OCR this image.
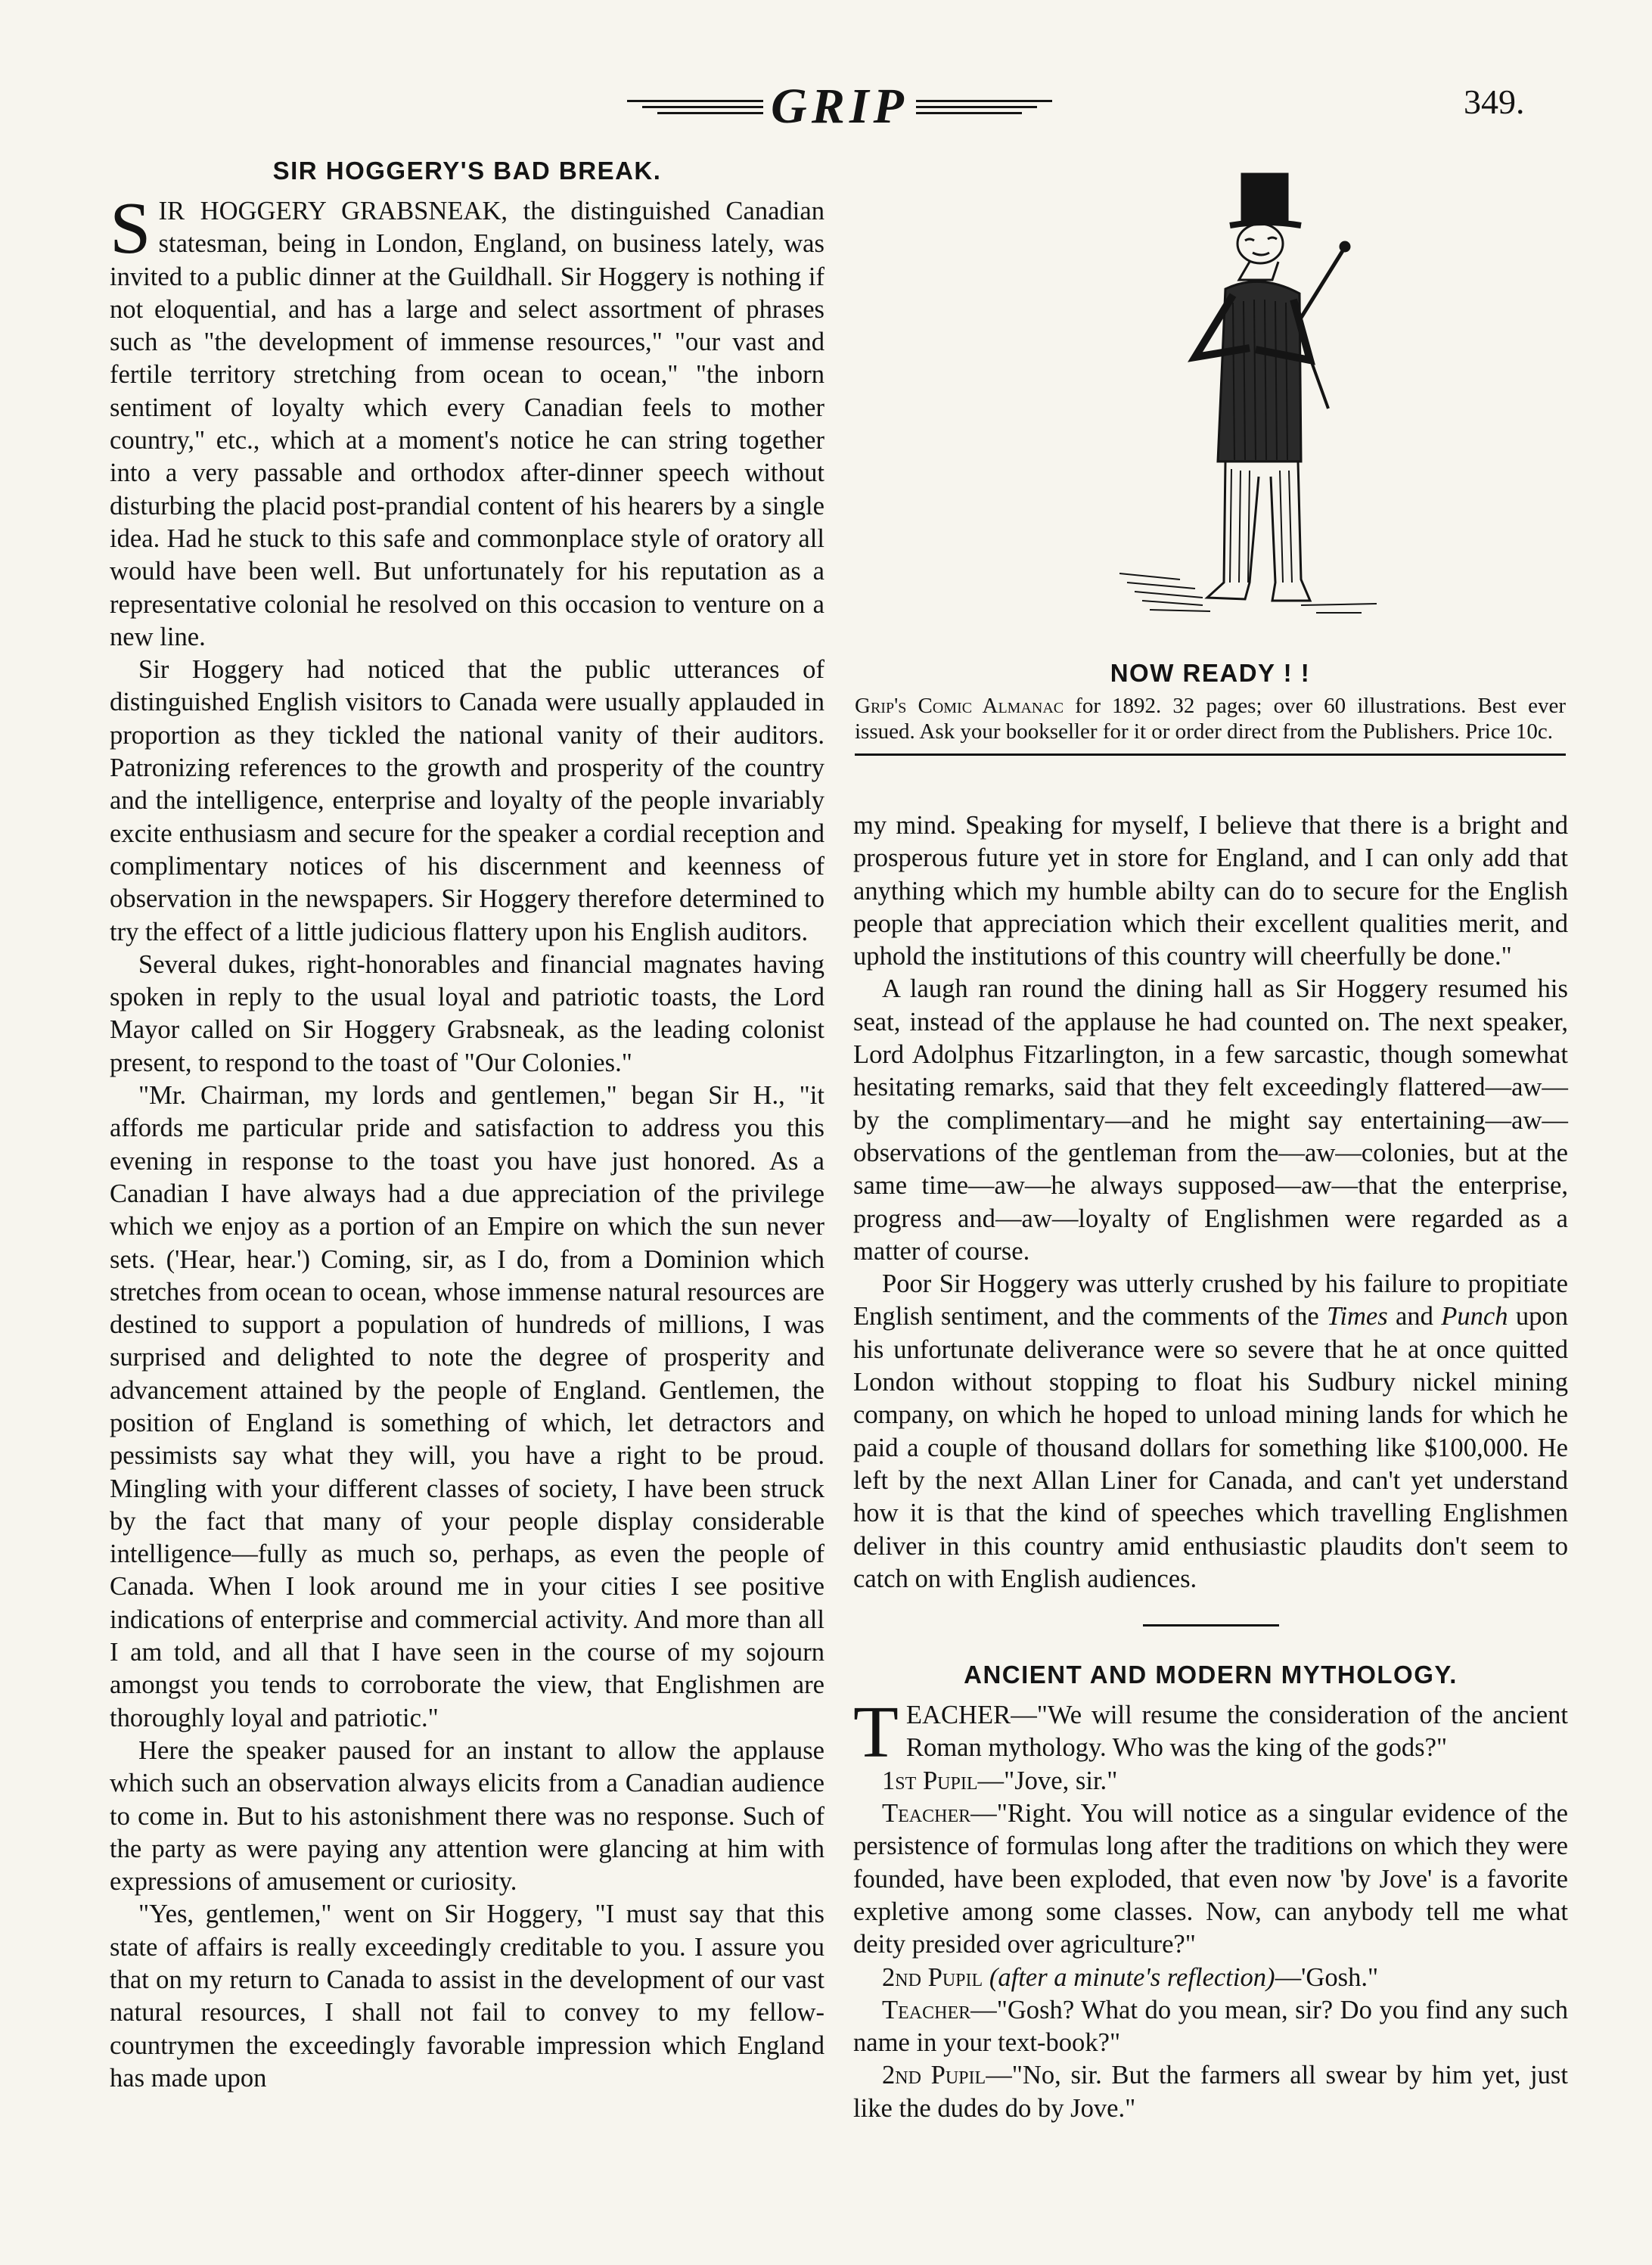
GRIP	349.
SIR HOGGERY'S BAD BREAK.

SIR HOGGERY GRABSNEAK, the distinguished Canadian statesman, being in London, England, on business lately, was invited to a public dinner at the Guildhall. Sir Hoggery is nothing if not eloquential, and has a large and select assortment of phrases such as "the development of immense resources," "our vast and fertile territory stretching from ocean to ocean," "the inborn sentiment of loyalty which every Canadian feels to mother country," etc., which at a moment's notice he can string together into a very passable and orthodox after-dinner speech without disturbing the placid post-prandial content of his hearers by a single idea. Had he stuck to this safe and commonplace style of oratory all would have been well. But unfortunately for his reputation as a representative colonial he resolved on this occasion to venture on a new line.

Sir Hoggery had noticed that the public utterances of distinguished English visitors to Canada were usually applauded in proportion as they tickled the national vanity of their auditors. Patronizing references to the growth and prosperity of the country and the intelligence, enterprise and loyalty of the people invariably excite enthusiasm and secure for the speaker a cordial reception and complimentary notices of his discernment and keenness of observation in the newspapers. Sir Hoggery therefore determined to try the effect of a little judicious flattery upon his English auditors.

Several dukes, right-honorables and financial magnates having spoken in reply to the usual loyal and patriotic toasts, the Lord Mayor called on Sir Hoggery Grabsneak, as the leading colonist present, to respond to the toast of "Our Colonies."

"Mr. Chairman, my lords and gentlemen," began Sir H., "it affords me particular pride and satisfaction to address you this evening in response to the toast you have just honored. As a Canadian I have always had a due appreciation of the privilege which we enjoy as a portion of an Empire on which the sun never sets. ('Hear, hear.') Coming, sir, as I do, from a Dominion which stretches from ocean to ocean, whose immense natural resources are destined to support a population of hundreds of millions, I was surprised and delighted to note the degree of prosperity and advancement attained by the people of England. Gentlemen, the position of England is something of which, let detractors and pessimists say what they will, you have a right to be proud. Mingling with your different classes of society, I have been struck by the fact that many of your people display considerable intelligence—fully as much so, perhaps, as even the people of Canada. When I look around me in your cities I see positive indications of enterprise and commercial activity. And more than all I am told, and all that I have seen in the course of my sojourn amongst you tends to corroborate the view, that Englishmen are thoroughly loyal and patriotic."

Here the speaker paused for an instant to allow the applause which such an observation always elicits from a Canadian audience to come in. But to his astonishment there was no response. Such of the party as were paying any attention were glancing at him with expressions of amusement or curiosity.

"Yes, gentlemen," went on Sir Hoggery, "I must say that this state of affairs is really exceedingly creditable to you. I assure you that on my return to Canada to assist in the development of our vast natural resources, I shall not fail to convey to my fellow-countrymen the exceedingly favorable impression which England has made upon

NOW READY ! !

Grip's Comic Almanac for 1892. 32 pages; over 60 illustrations. Best ever issued. Ask your bookseller for it or order direct from the Publishers. Price 10c.

my mind. Speaking for myself, I believe that there is a bright and prosperous future yet in store for England, and I can only add that anything which my humble abilty can do to secure for the English people that appreciation which their excellent qualities merit, and uphold the institutions of this country will cheerfully be done."

A laugh ran round the dining hall as Sir Hoggery resumed his seat, instead of the applause he had counted on. The next speaker, Lord Adolphus Fitzarlington, in a few sarcastic, though somewhat hesitating remarks, said that they felt exceedingly flattered—aw—by the complimentary—and he might say entertaining—aw—observations of the gentleman from the—aw—colonies, but at the same time—aw—he always supposed—aw—that the enterprise, progress and—aw—loyalty of Englishmen were regarded as a matter of course.

Poor Sir Hoggery was utterly crushed by his failure to propitiate English sentiment, and the comments of the Times and Punch upon his unfortunate deliverance were so severe that he at once quitted London without stopping to float his Sudbury nickel mining company, on which he hoped to unload mining lands for which he paid a couple of thousand dollars for something like $100,000. He left by the next Allan Liner for Canada, and can't yet understand how it is that the kind of speeches which travelling Englishmen deliver in this country amid enthusiastic plaudits don't seem to catch on with English audiences.

ANCIENT AND MODERN MYTHOLOGY.

TEACHER—"We will resume the consideration of the ancient Roman mythology. Who was the king of the gods?"

1st Pupil—"Jove, sir."

Teacher—"Right. You will notice as a singular evidence of the persistence of formulas long after the traditions on which they were founded, have been exploded, that even now 'by Jove' is a favorite expletive among some classes. Now, can anybody tell me what deity presided over agriculture?"

2nd Pupil (after a minute's reflection)—'Gosh."

Teacher—"Gosh? What do you mean, sir? Do you find any such name in your text-book?"

2nd Pupil—"No, sir. But the farmers all swear by him yet, just like the dudes do by Jove."
